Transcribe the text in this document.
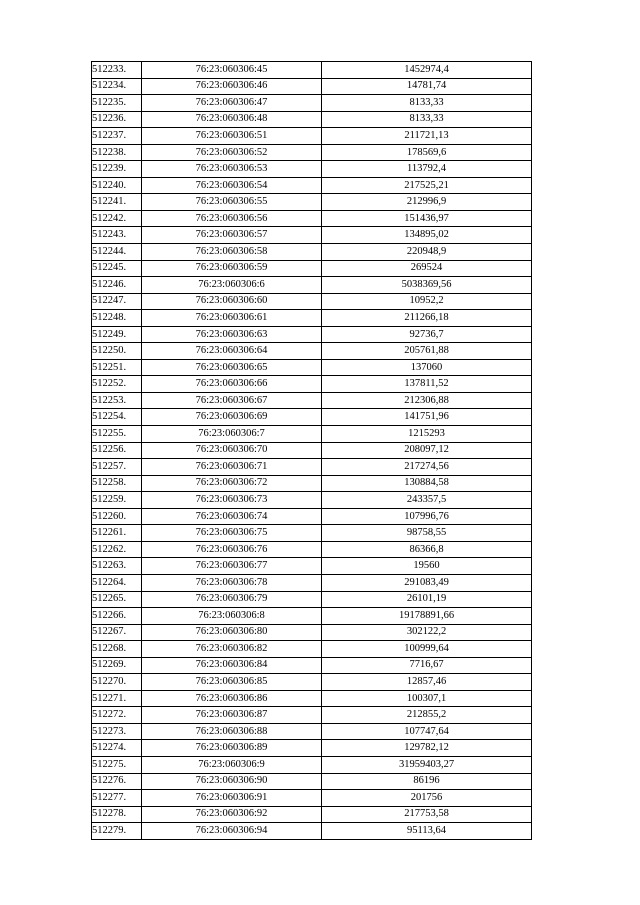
512233.	76:23:060306:45	1452974,4
512234.	76:23:060306:46	14781,74
512235.	76:23:060306:47	8133,33
512236.	76:23:060306:48	8133,33
512237.	76:23:060306:51	211721,13
512238.	76:23:060306:52	178569,6
512239.	76:23:060306:53	113792,4
512240.	76:23:060306:54	217525,21
512241.	76:23:060306:55	212996,9
512242.	76:23:060306:56	151436,97
512243.	76:23:060306:57	134895,02
512244.	76:23:060306:58	220948,9
512245.	76:23:060306:59	269524
512246.	76:23:060306:6	5038369,56
512247.	76:23:060306:60	10952,2
512248.	76:23:060306:61	211266,18
512249.	76:23:060306:63	92736,7
512250.	76:23:060306:64	205761,88
512251.	76:23:060306:65	137060
512252.	76:23:060306:66	137811,52
512253.	76:23:060306:67	212306,88
512254.	76:23:060306:69	141751,96
512255.	76:23:060306:7	1215293
512256.	76:23:060306:70	208097,12
512257.	76:23:060306:71	217274,56
512258.	76:23:060306:72	130884,58
512259.	76:23:060306:73	243357,5
512260.	76:23:060306:74	107996,76
512261.	76:23:060306:75	98758,55
512262.	76:23:060306:76	86366,8
512263.	76:23:060306:77	19560
512264.	76:23:060306:78	291083,49
512265.	76:23:060306:79	26101,19
512266.	76:23:060306:8	19178891,66
512267.	76:23:060306:80	302122,2
512268.	76:23:060306:82	100999,64
512269.	76:23:060306:84	7716,67
512270.	76:23:060306:85	12857,46
512271.	76:23:060306:86	100307,1
512272.	76:23:060306:87	212855,2
512273.	76:23:060306:88	107747,64
512274.	76:23:060306:89	129782,12
512275.	76:23:060306:9	31959403,27
512276.	76:23:060306:90	86196
512277.	76:23:060306:91	201756
512278.	76:23:060306:92	217753,58
512279.	76:23:060306:94	95113,64
